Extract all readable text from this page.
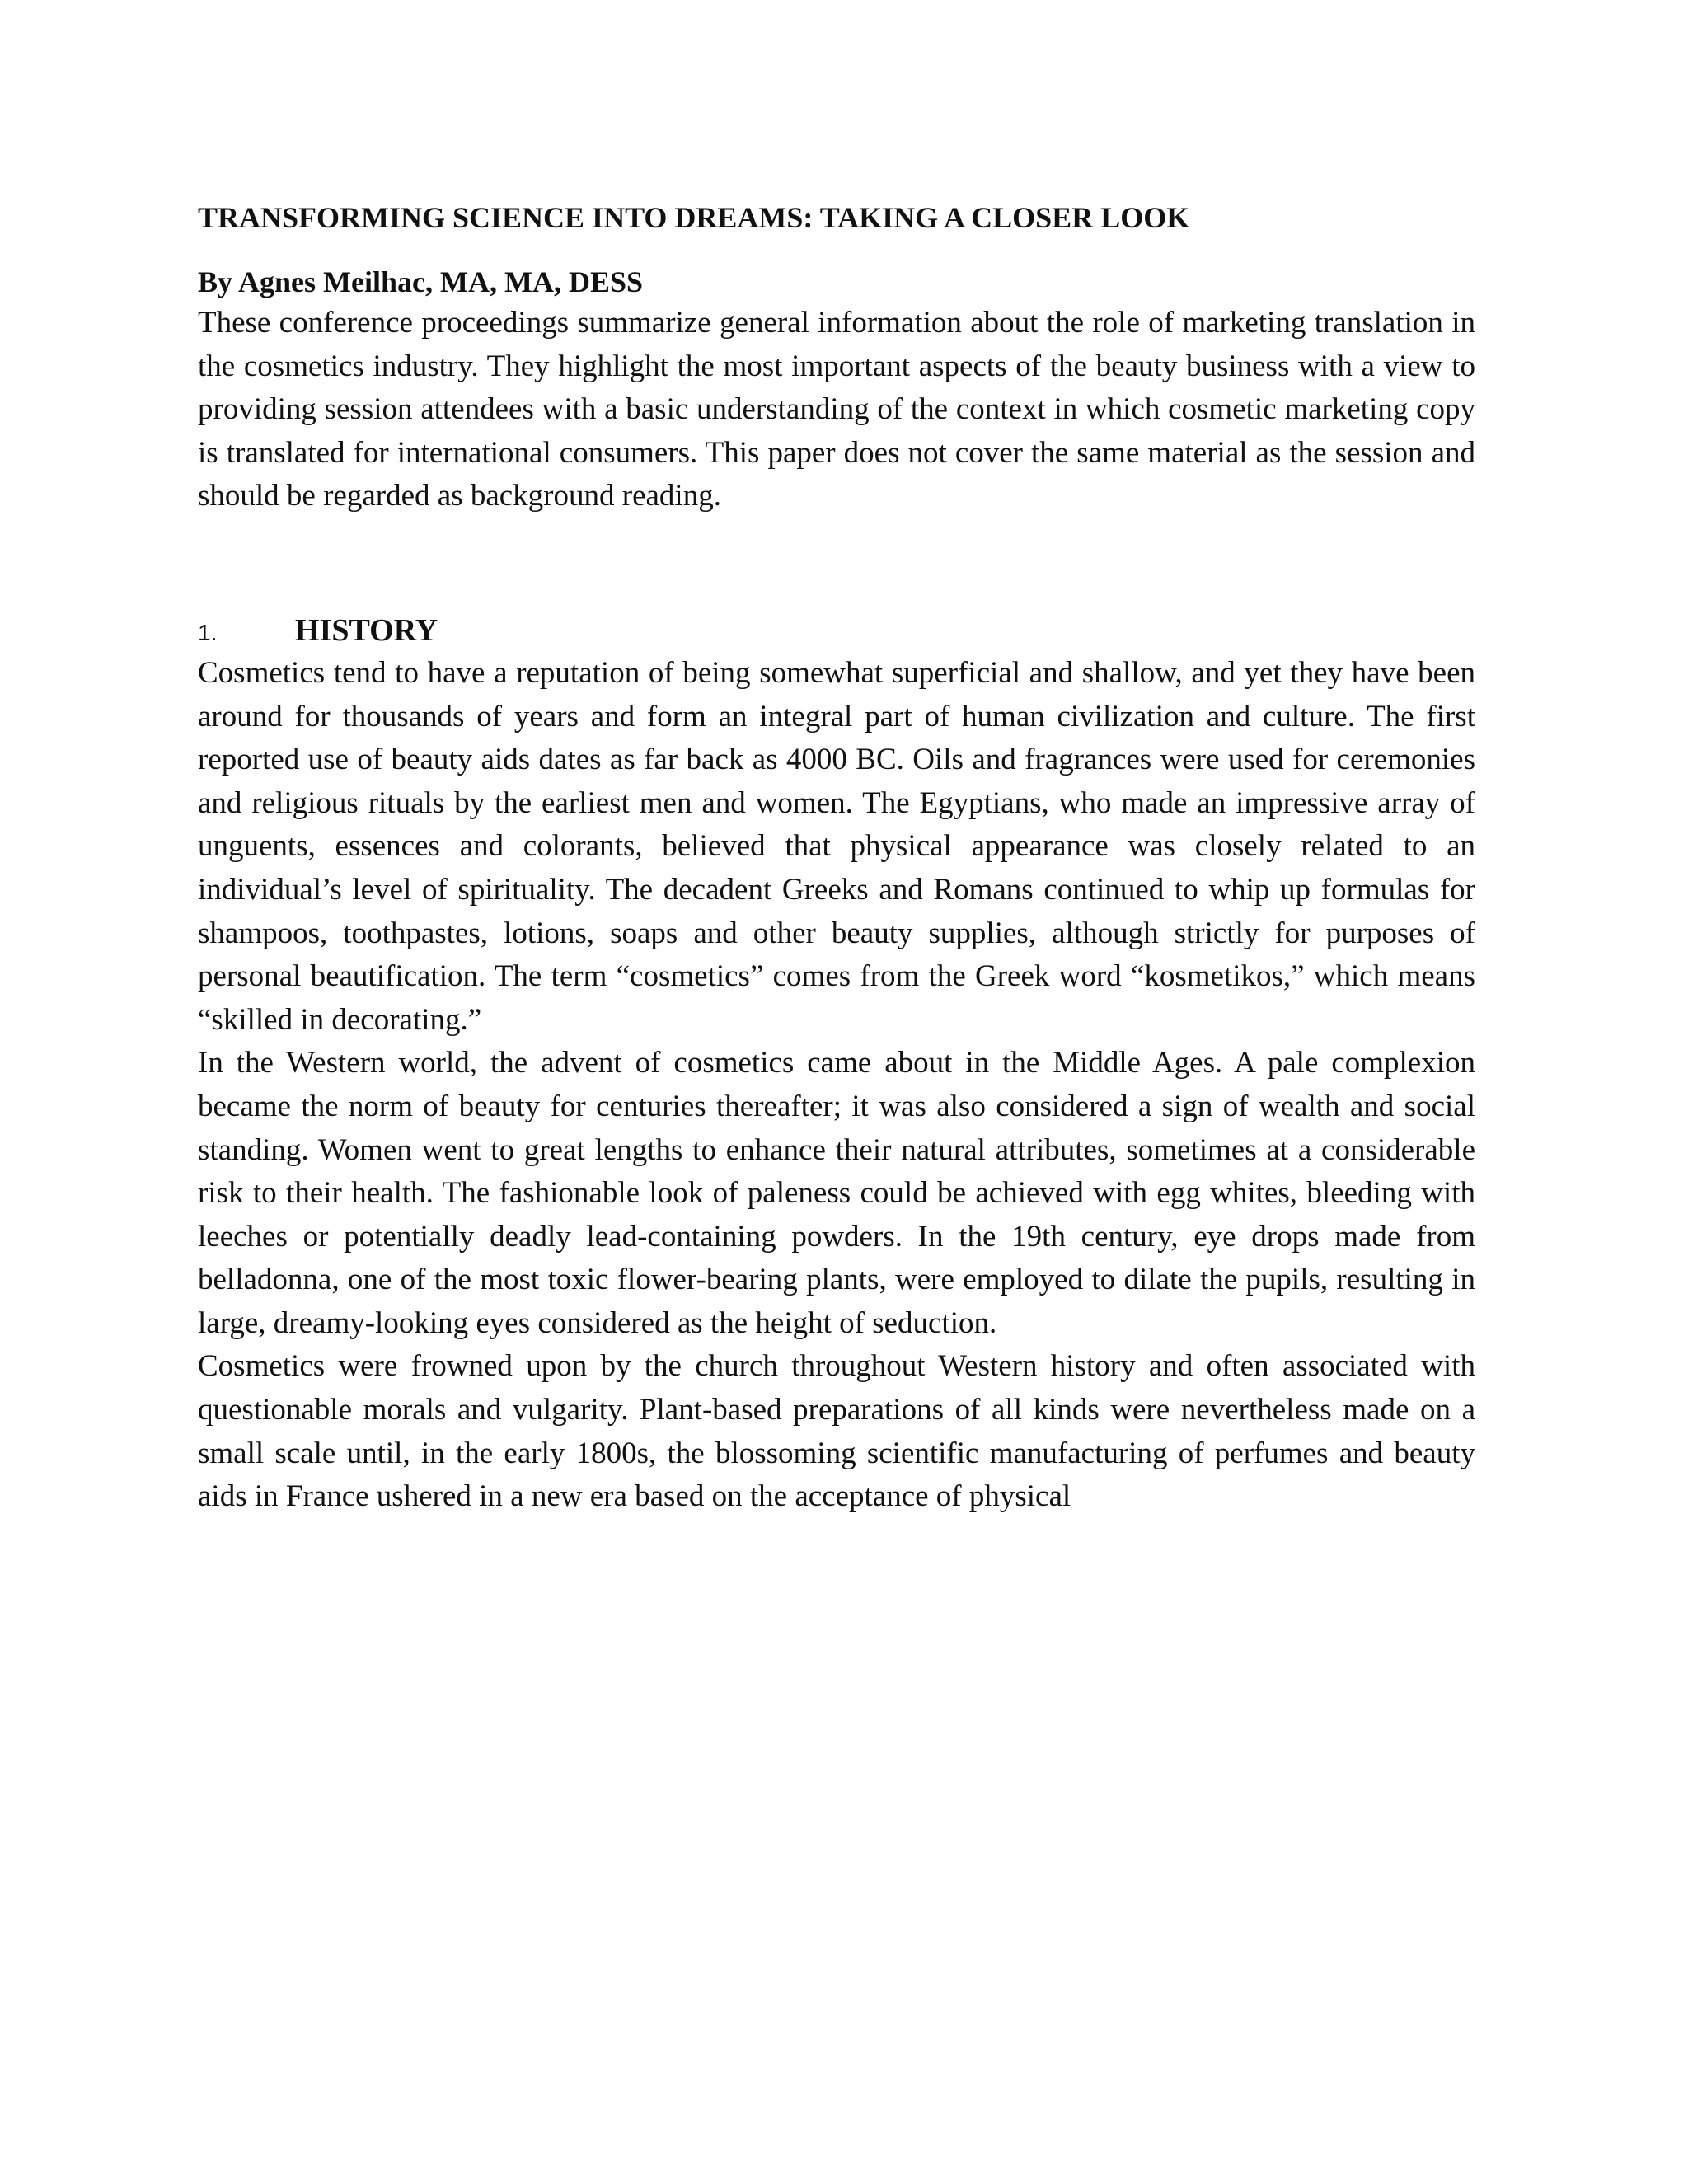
TRANSFORMING SCIENCE INTO DREAMS: TAKING A CLOSER LOOK
By Agnes Meilhac, MA, MA, DESS

These conference proceedings summarize general information about the role of marketing translation in the cosmetics industry. They highlight the most important aspects of the beauty business with a view to providing session attendees with a basic understanding of the context in which cosmetic marketing copy is translated for international consumers. This paper does not cover the same material as the session and should be regarded as background reading.

1.	HISTORY

Cosmetics tend to have a reputation of being somewhat superficial and shallow, and yet they have been around for thousands of years and form an integral part of human civilization and culture. The first reported use of beauty aids dates as far back as 4000 BC. Oils and fragrances were used for ceremonies and religious rituals by the earliest men and women. The Egyptians, who made an impressive array of unguents, essences and colorants, believed that physical appearance was closely related to an individual’s level of spirituality. The decadent Greeks and Romans continued to whip up formulas for shampoos, toothpastes, lotions, soaps and other beauty supplies, although strictly for purposes of personal beautification. The term “cosmetics” comes from the Greek word “kosmetikos,” which means “skilled in decorating.”

In the Western world, the advent of cosmetics came about in the Middle Ages. A pale complexion became the norm of beauty for centuries thereafter; it was also considered a sign of wealth and social standing. Women went to great lengths to enhance their natural attributes, sometimes at a considerable risk to their health. The fashionable look of paleness could be achieved with egg whites, bleeding with leeches or potentially deadly lead-containing powders. In the 19th century, eye drops made from belladonna, one of the most toxic flower-bearing plants, were employed to dilate the pupils, resulting in large, dreamy-looking eyes considered as the height of seduction.

Cosmetics were frowned upon by the church throughout Western history and often associated with questionable morals and vulgarity. Plant-based preparations of all kinds were nevertheless made on a small scale until, in the early 1800s, the blossoming scientific manufacturing of perfumes and beauty aids in France ushered in a new era based on the acceptance of physical
